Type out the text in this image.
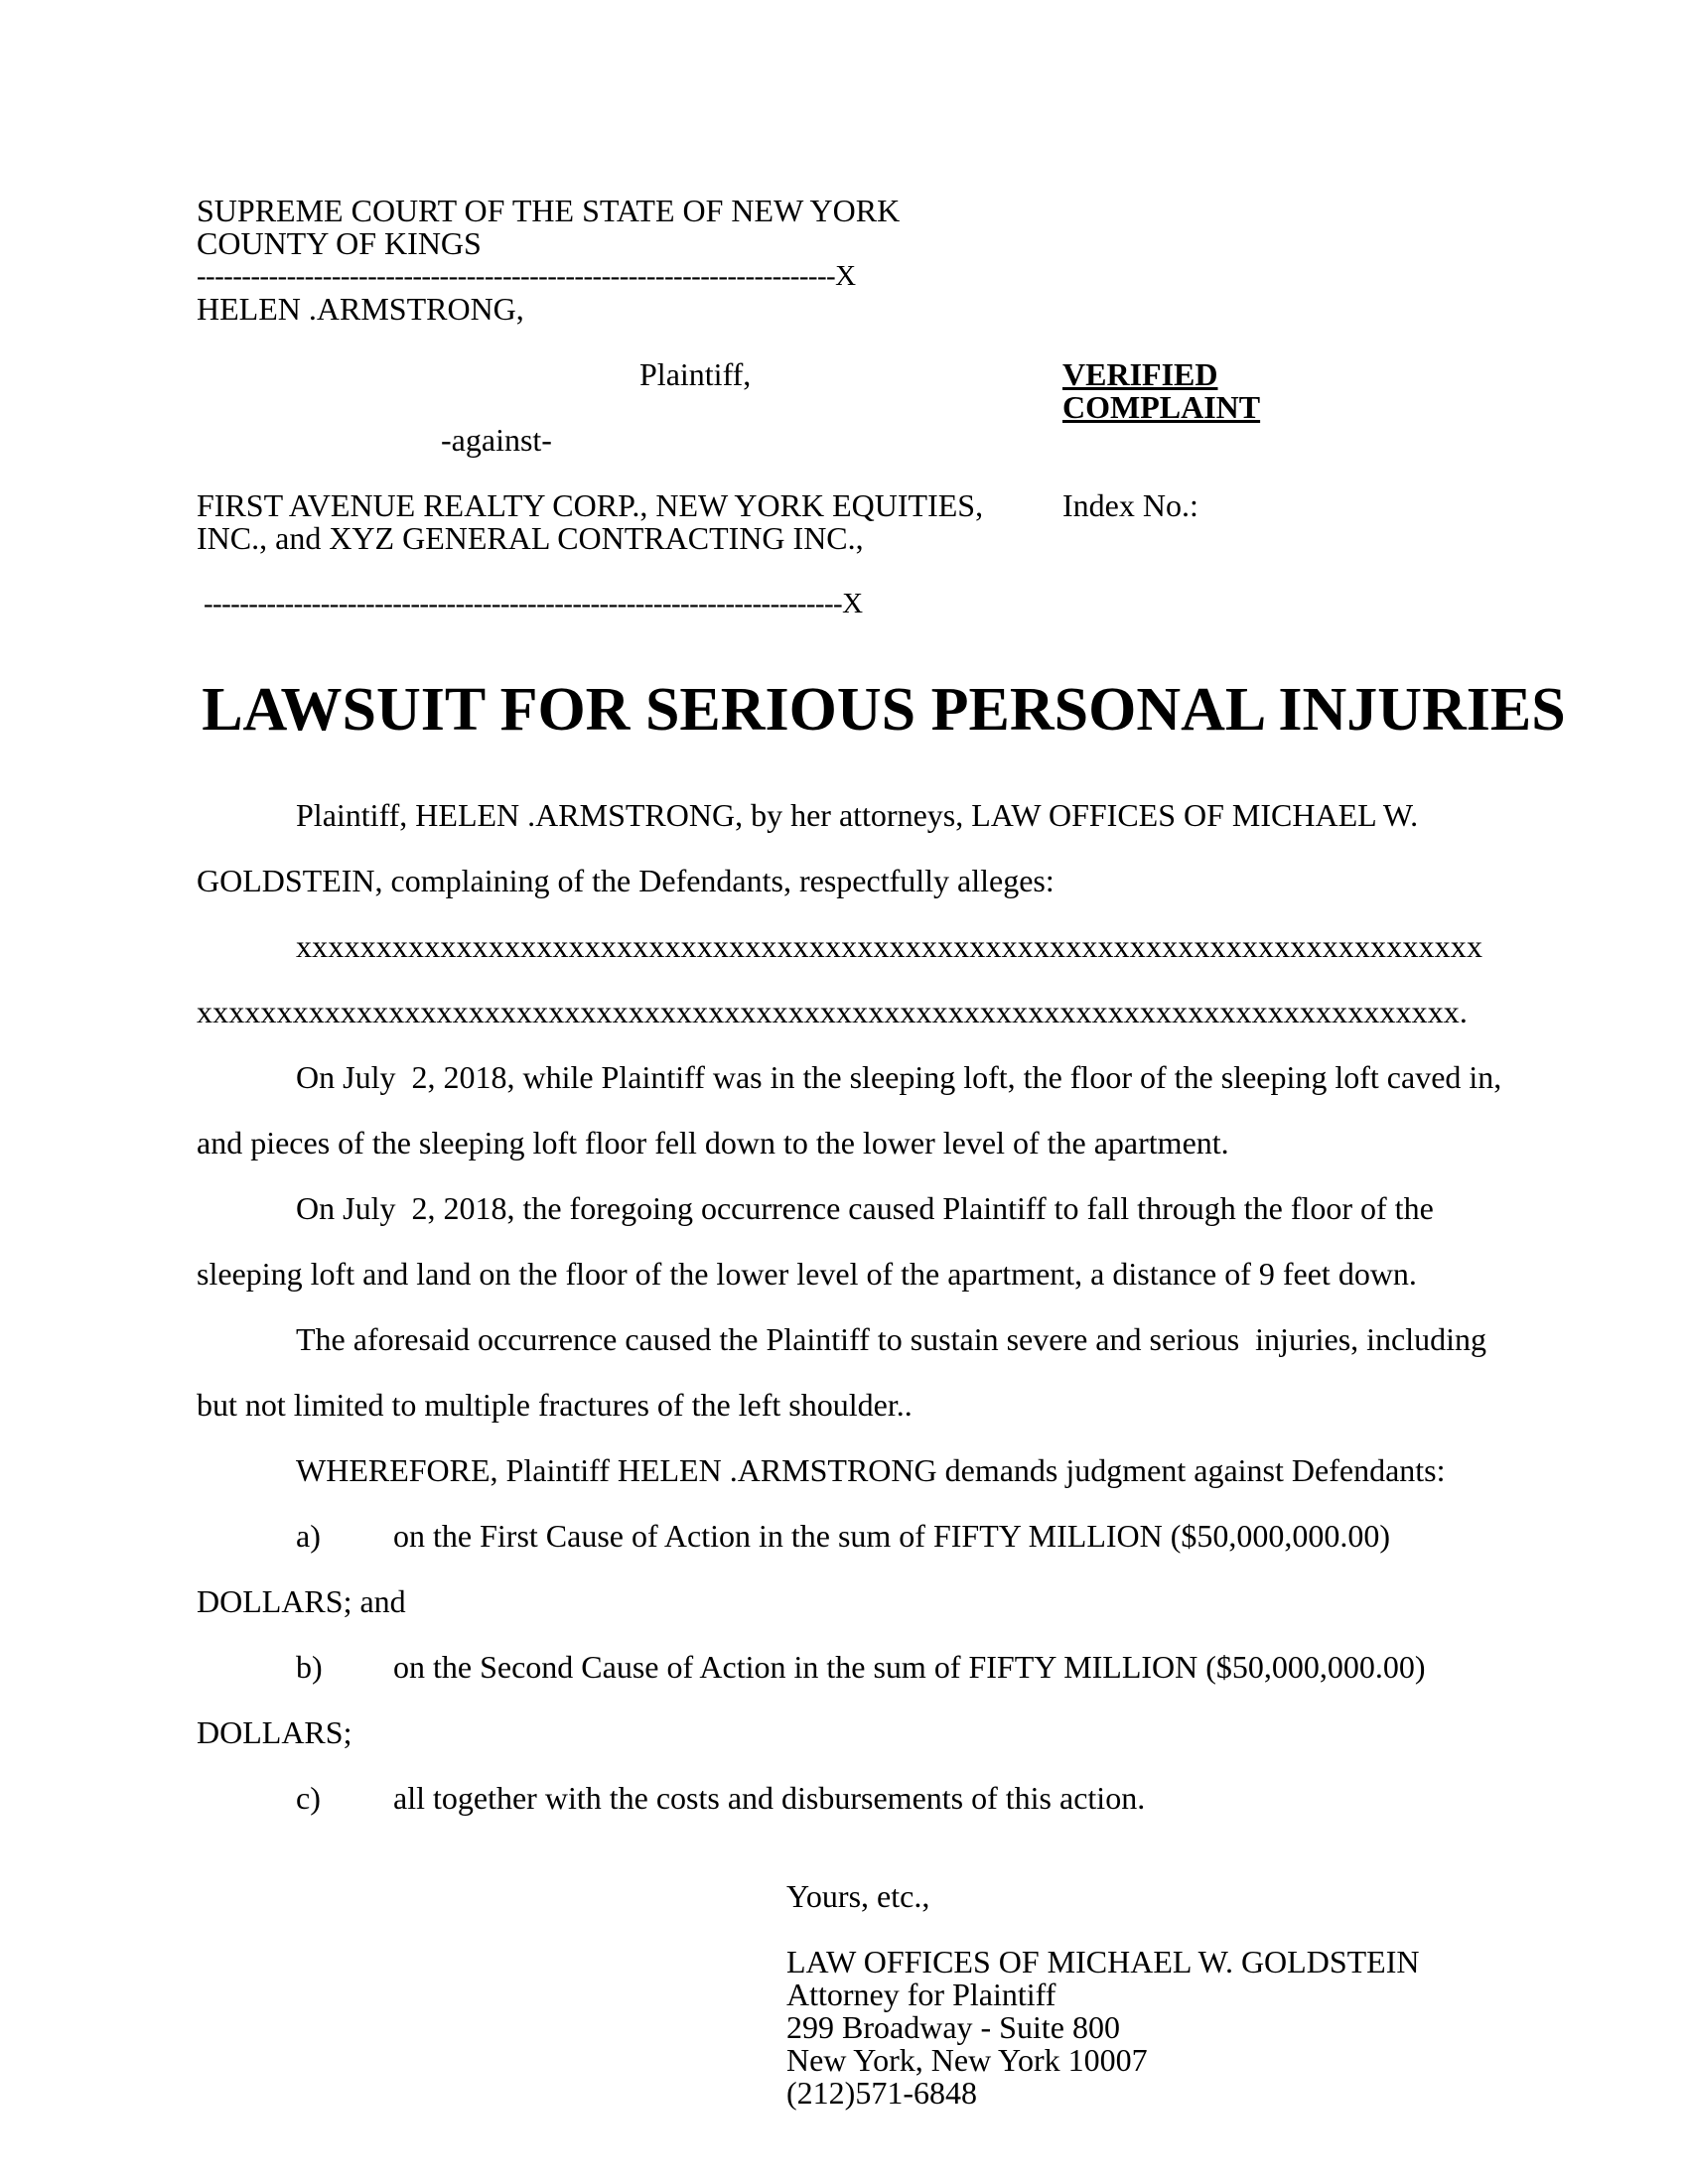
SUPREME COURT OF THE STATE OF NEW YORK
COUNTY OF KINGS
-----------------------------------------------------------------------X
HELEN .ARMSTRONG,
Plaintiff,	VERIFIED
COMPLAINT
-against-
FIRST AVENUE REALTY CORP., NEW YORK EQUITIES,
INC., and XYZ GENERAL CONTRACTING INC.,
Index No.:
-----------------------------------------------------------------------X
LAWSUIT FOR SERIOUS PERSONAL INJURIES
Plaintiff, HELEN .ARMSTRONG, by her attorneys, LAW OFFICES OF MICHAEL W.
GOLDSTEIN, complaining of the Defendants, respectfully alleges:
xxxxxxxxxxxxxxxxxxxxxxxxxxxxxxxxxxxxxxxxxxxxxxxxxxxxxxxxxxxxxxxxxxxxxxxxxx
xxxxxxxxxxxxxxxxxxxxxxxxxxxxxxxxxxxxxxxxxxxxxxxxxxxxxxxxxxxxxxxxxxxxxxxxxxxxxxx.
On July  2, 2018, while Plaintiff was in the sleeping loft, the floor of the sleeping loft caved in,
and pieces of the sleeping loft floor fell down to the lower level of the apartment.
On July  2, 2018, the foregoing occurrence caused Plaintiff to fall through the floor of the
sleeping loft and land on the floor of the lower level of the apartment, a distance of 9 feet down.
The aforesaid occurrence caused the Plaintiff to sustain severe and serious  injuries, including
but not limited to multiple fractures of the left shoulder..
WHEREFORE, Plaintiff HELEN .ARMSTRONG demands judgment against Defendants:
a) on the First Cause of Action in the sum of FIFTY MILLION ($50,000,000.00)
DOLLARS; and
b) on the Second Cause of Action in the sum of FIFTY MILLION ($50,000,000.00)
DOLLARS;
c) all together with the costs and disbursements of this action.
Yours, etc.,
LAW OFFICES OF MICHAEL W. GOLDSTEIN
Attorney for Plaintiff
299 Broadway - Suite 800
New York, New York 10007
(212)571-6848
